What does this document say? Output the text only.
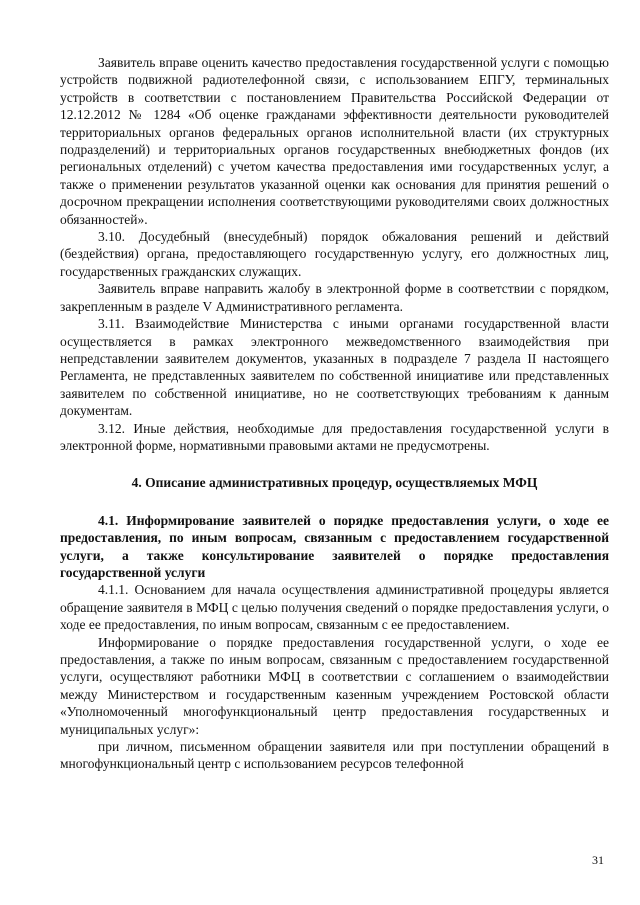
Заявитель вправе оценить качество предоставления государственной услуги с помощью устройств подвижной радиотелефонной связи, с использованием ЕПГУ, терминальных устройств в соответствии с постановлением Правительства Российской Федерации от 12.12.2012 № 1284 «Об оценке гражданами эффективности деятельности руководителей территориальных органов федеральных органов исполнительной власти (их структурных подразделений) и территориальных органов государственных внебюджетных фондов (их региональных отделений) с учетом качества предоставления ими государственных услуг, а также о применении результатов указанной оценки как основания для принятия решений о досрочном прекращении исполнения соответствующими руководителями своих должностных обязанностей».

3.10. Досудебный (внесудебный) порядок обжалования решений и действий (бездействия) органа, предоставляющего государственную услугу, его должностных лиц, государственных гражданских служащих.

Заявитель вправе направить жалобу в электронной форме в соответствии с порядком, закрепленным в разделе V Административного регламента.

3.11. Взаимодействие Министерства с иными органами государственной власти осуществляется в рамках электронного межведомственного взаимодействия при непредставлении заявителем документов, указанных в подразделе 7 раздела II настоящего Регламента, не представленных заявителем по собственной инициативе или представленных заявителем по собственной инициативе, но не соответствующих требованиям к данным документам.

3.12. Иные действия, необходимые для предоставления государственной услуги в электронной форме, нормативными правовыми актами не предусмотрены.

4. Описание административных процедур, осуществляемых МФЦ

4.1. Информирование заявителей о порядке предоставления услуги, о ходе ее предоставления, по иным вопросам, связанным с предоставлением государственной услуги, а также консультирование заявителей о порядке предоставления государственной услуги

4.1.1. Основанием для начала осуществления административной процедуры является обращение заявителя в МФЦ с целью получения сведений о порядке предоставления услуги, о ходе ее предоставления, по иным вопросам, связанным с ее предоставлением.

Информирование о порядке предоставления государственной услуги, о ходе ее предоставления, а также по иным вопросам, связанным с предоставлением государственной услуги, осуществляют работники МФЦ в соответствии с соглашением о взаимодействии между Министерством и государственным казенным учреждением Ростовской области «Уполномоченный многофункциональный центр предоставления государственных и муниципальных услуг»:

при личном, письменном обращении заявителя или при поступлении обращений в многофункциональный центр с использованием ресурсов телефонной

31
